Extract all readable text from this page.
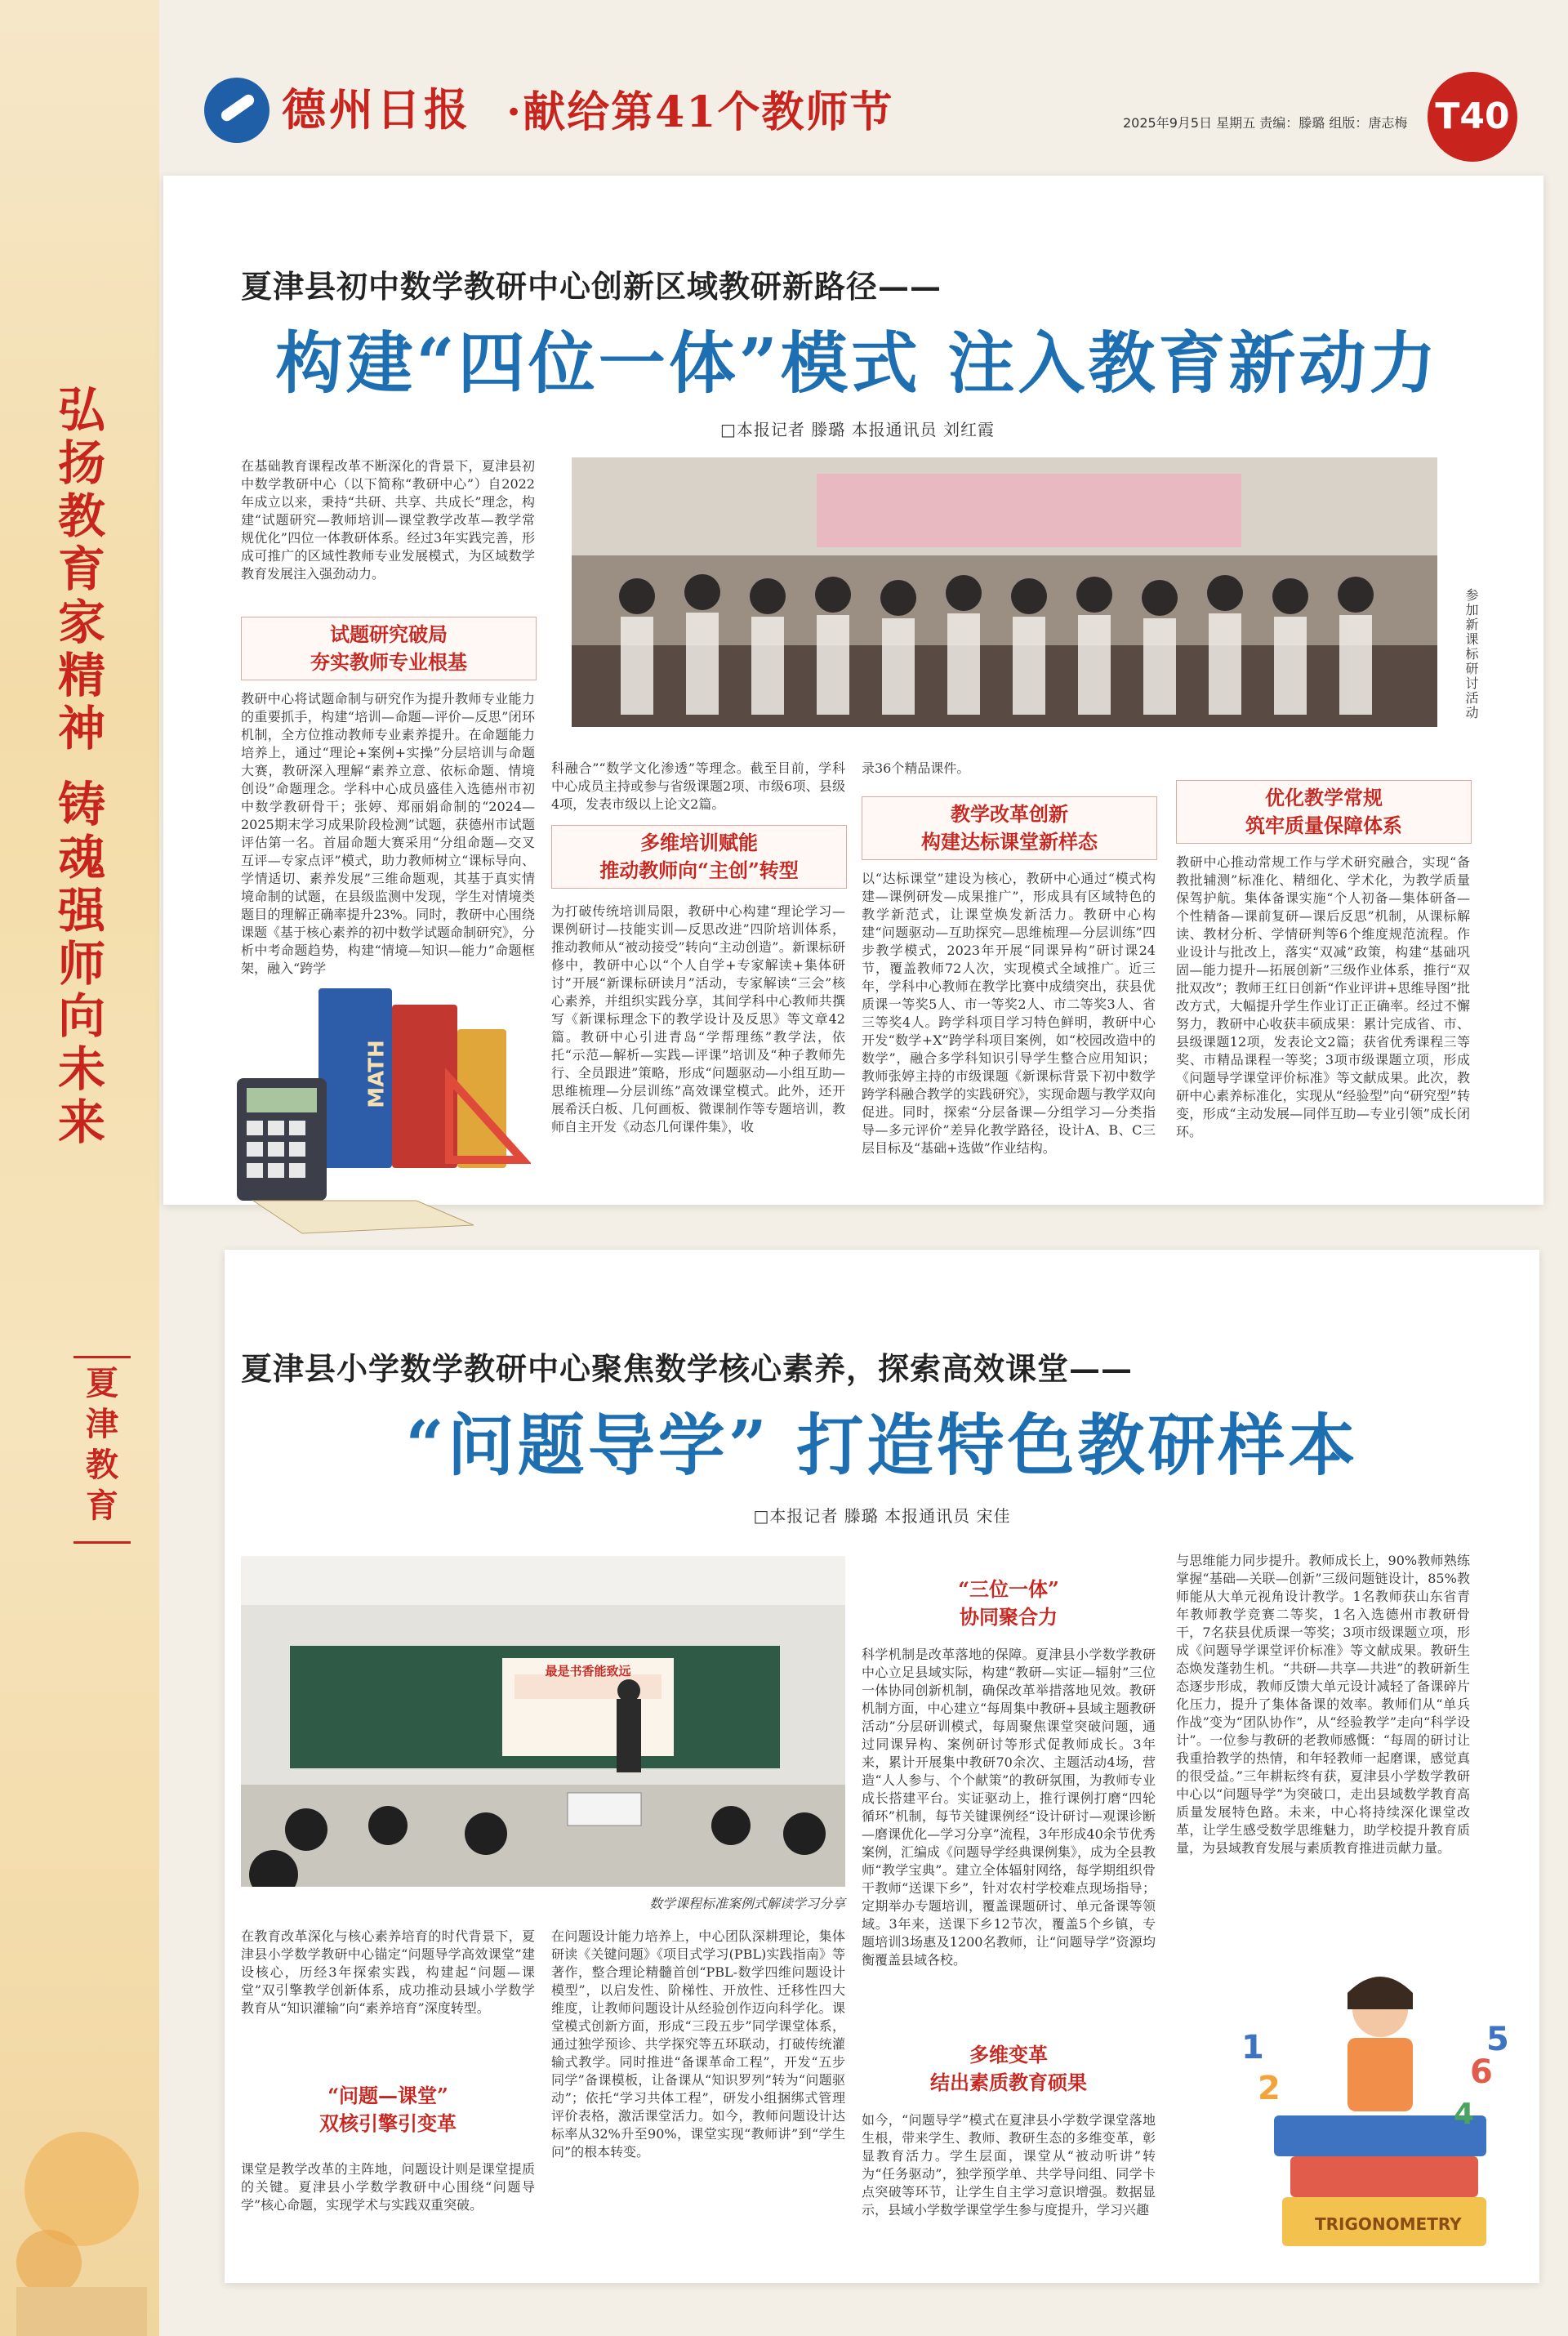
弘
扬
教
育
家
精
神
铸
魂
强
师
向
未
来
夏
津
教
育
德州日报 ·献给第41个教师节	2025年9月5日 星期五 责编：滕璐 组版：唐志梅 T40
夏津县初中数学教研中心创新区域教研新路径——
构建“四位一体”模式 注入教育新动力
□本报记者 滕璐 本报通讯员 刘红霞

在基础教育课程改革不断深化的背景下，夏津县初中数学教研中心（以下简称“教研中心”）自2022年成立以来，秉持“共研、共享、共成长”理念，构建“试题研究—教师培训—课堂教学改革—教学常规优化”四位一体教研体系。经过3年实践完善，形成可推广的区域性教师专业发展模式，为区域数学教育发展注入强劲动力。

参加新课标研讨活动
试题研究破局
夯实教师专业根基

教研中心将试题命制与研究作为提升教师专业能力的重要抓手，构建“培训—命题—评价—反思”闭环机制，全方位推动教师专业素养提升。在命题能力培养上，通过“理论+案例+实操”分层培训与命题大赛，教研深入理解“素养立意、依标命题、情境创设”命题理念。学科中心成员盛佳入选德州市初中数学教研骨干；张婷、郑丽娟命制的“2024—2025期末学习成果阶段检测”试题，获德州市试题评估第一名。首届命题大赛采用“分组命题—交叉互评—专家点评”模式，助力教师树立“课标导向、学情适切、素养发展”三维命题观，其基于真实情境命制的试题，在县级监测中发现，学生对情境类题目的理解正确率提升23%。同时，教研中心围绕课题《基于核心素养的初中数学试题命制研究》，分析中考命题趋势，构建“情境—知识—能力”命题框架，融入“跨学

科融合”“数学文化渗透”等理念。截至目前，学科中心成员主持或参与省级课题2项、市级6项、县级4项，发表市级以上论文2篇。

多维培训赋能
推动教师向“主创”转型

为打破传统培训局限，教研中心构建“理论学习—课例研讨—技能实训—反思改进”四阶培训体系，推动教师从“被动接受”转向“主动创造”。新课标研修中，教研中心以“个人自学+专家解读+集体研讨”开展“新课标研读月”活动，专家解读“三会”核心素养，并组织实践分享，其间学科中心教师共撰写《新课标理念下的教学设计及反思》等文章42篇。教研中心引进青岛“学帮理练”教学法，依托“示范—解析—实践—评课”培训及“种子教师先行、全员跟进”策略，形成“问题驱动—小组互助—思维梳理—分层训练”高效课堂模式。此外，还开展希沃白板、几何画板、微课制作等专题培训，教师自主开发《动态几何课件集》，收

录36个精品课件。

教学改革创新
构建达标课堂新样态

以“达标课堂”建设为核心，教研中心通过“模式构建—课例研发—成果推广”，形成具有区域特色的教学新范式，让课堂焕发新活力。教研中心构建“问题驱动—互助探究—思维梳理—分层训练”四步教学模式，2023年开展“同课异构”研讨课24节，覆盖教师72人次，实现模式全域推广。近三年，学科中心教师在教学比赛中成绩突出，获县优质课一等奖5人、市一等奖2人、市二等奖3人、省三等奖4人。跨学科项目学习特色鲜明，教研中心开发“数学+X”跨学科项目案例，如“校园改造中的数学”，融合多学科知识引导学生整合应用知识；教师张婷主持的市级课题《新课标背景下初中数学跨学科融合教学的实践研究》，实现命题与教学双向促进。同时，探索“分层备课—分组学习—分类指导—多元评价”差异化教学路径，设计A、B、C三层目标及“基础+选做”作业结构。

优化教学常规
筑牢质量保障体系

教研中心推动常规工作与学术研究融合，实现“备教批辅测”标准化、精细化、学术化，为教学质量保驾护航。集体备课实施“个人初备—集体研备—个性精备—课前复研—课后反思”机制，从课标解读、教材分析、学情研判等6个维度规范流程。作业设计与批改上，落实“双减”政策，构建“基础巩固—能力提升—拓展创新”三级作业体系，推行“双批双改”；教师王红日创新“作业评讲+思维导图”批改方式，大幅提升学生作业订正正确率。经过不懈努力，教研中心收获丰硕成果：累计完成省、市、县级课题12项，发表论文2篇；获省优秀课程三等奖、市精品课程一等奖；3项市级课题立项，形成《问题导学课堂评价标准》等文献成果。此次，教研中心素养标准化，实现从“经验型”向“研究型”转变，形成“主动发展—同伴互助—专业引领”成长闭环。

MATH
夏津县小学数学教研中心聚焦数学核心素养，探索高效课堂——
“问题导学” 打造特色教研样本
□本报记者 滕璐 本报通讯员 宋佳
最是书香能致远
数学课程标准案例式解读学习分享

在教育改革深化与核心素养培育的时代背景下，夏津县小学数学教研中心锚定“问题导学高效课堂”建设核心，历经3年探索实践，构建起“问题—课堂”双引擎教学创新体系，成功推动县域小学数学教育从“知识灌输”向“素养培育”深度转型。

“问题—课堂”
双核引擎引变革

课堂是教学改革的主阵地，问题设计则是课堂提质的关键。夏津县小学数学教研中心围绕“问题导学”核心命题，实现学术与实践双重突破。

在问题设计能力培养上，中心团队深耕理论，集体研读《关键问题》《项目式学习(PBL)实践指南》等著作，整合理论精髓首创“PBL-数学四维问题设计模型”，以启发性、阶梯性、开放性、迁移性四大维度，让教师问题设计从经验创作迈向科学化。课堂模式创新方面，形成“三段五步”同学课堂体系，通过独学预诊、共学探究等五环联动，打破传统灌输式教学。同时推进“备课革命工程”，开发“五步同学”备课模板，让备课从“知识罗列”转为“问题驱动”；依托“学习共体工程”，研发小组捆绑式管理评价表格，激活课堂活力。如今，教师问题设计达标率从32%升至90%，课堂实现“教师讲”到“学生问”的根本转变。

“三位一体”
协同聚合力

科学机制是改革落地的保障。夏津县小学数学教研中心立足县域实际，构建“教研—实证—辐射”三位一体协同创新机制，确保改革举措落地见效。教研机制方面，中心建立“每周集中教研+县域主题教研活动”分层研训模式，每周聚焦课堂突破问题，通过同课异构、案例研讨等形式促教师成长。3年来，累计开展集中教研70余次、主题活动4场，营造“人人参与、个个献策”的教研氛围，为教师专业成长搭建平台。实证驱动上，推行课例打磨“四轮循环”机制，每节关键课例经“设计研讨—观课诊断—磨课优化—学习分享”流程，3年形成40余节优秀案例，汇编成《问题导学经典课例集》，成为全县教师“教学宝典”。建立全体辐射网络，每学期组织骨干教师“送课下乡”，针对农村学校难点现场指导；定期举办专题培训，覆盖课题研讨、单元备课等领域。3年来，送课下乡12节次，覆盖5个乡镇，专题培训3场惠及1200名教师，让“问题导学”资源均衡覆盖县域各校。

多维变革
结出素质教育硕果

如今，“问题导学”模式在夏津县小学数学课堂落地生根，带来学生、教师、教研生态的多维变革，彰显教育活力。学生层面，课堂从“被动听讲”转为“任务驱动”，独学预学单、共学导问组、同学卡点突破等环节，让学生自主学习意识增强。数据显示，县域小学数学课堂学生参与度提升，学习兴趣

与思维能力同步提升。教师成长上，90%教师熟练掌握“基础—关联—创新”三级问题链设计，85%教师能从大单元视角设计教学。1名教师获山东省青年教师教学竞赛二等奖，1名入选德州市教研骨干，7名获县优质课一等奖；3项市级课题立项，形成《问题导学课堂评价标准》等文献成果。教研生态焕发蓬勃生机。“共研—共享—共进”的教研新生态逐步形成，教师反馈大单元设计减轻了备课碎片化压力，提升了集体备课的效率。教师们从“单兵作战”变为“团队协作”，从“经验教学”走向“科学设计”。一位参与教研的老教师感慨：“每周的研讨让我重拾教学的热情，和年轻教师一起磨课，感觉真的很受益。”三年耕耘终有获，夏津县小学数学教研中心以“问题导学”为突破口，走出县域数学教育高质量发展特色路。未来，中心将持续深化课堂改革，让学生感受数学思维魅力，助学校提升教育质量，为县域教育发展与素质教育推进贡献力量。

TRIGONOMETRY
6
5
1
2
4
